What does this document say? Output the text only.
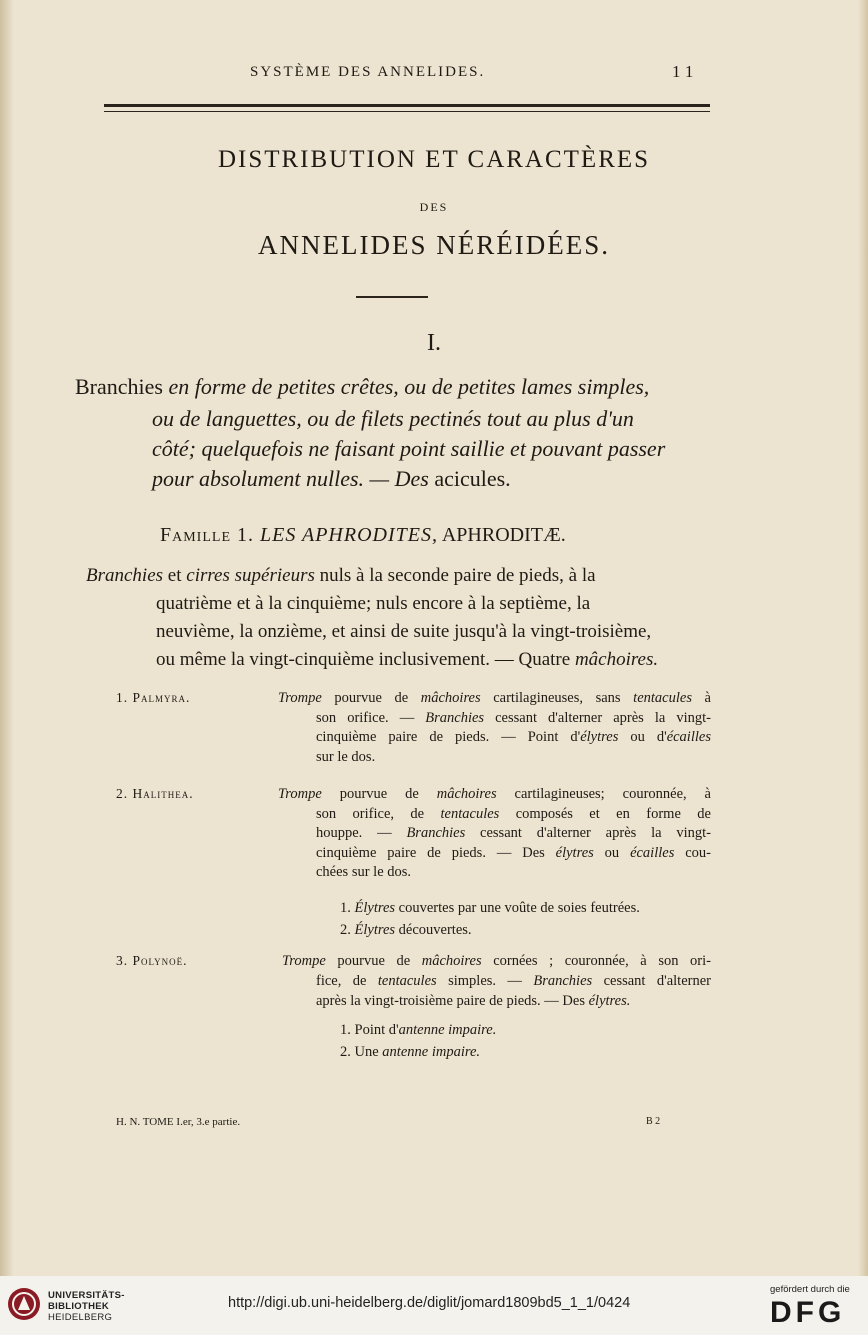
SYSTÈME DES ANNELIDES.	11
DISTRIBUTION ET CARACTÈRES
DES
ANNELIDES NÉRÉIDÉES.
I.
Branchies en forme de petites crêtes, ou de petites lames simples,
ou de languettes, ou de filets pectinés tout au plus d'un
côté; quelquefois ne faisant point saillie et pouvant passer
pour absolument nulles. — Des acicules.
Famille 1. LES APHRODITES, APHRODITÆ.
Branchies et cirres supérieurs nuls à la seconde paire de pieds, à la
quatrième et à la cinquième; nuls encore à la septième, la
neuvième, la onzième, et ainsi de suite jusqu'à la vingt-troisième,
ou même la vingt-cinquième inclusivement. — Quatre mâchoires.
1. Palmyra.	Trompe pourvue de mâchoires cartilagineuses, sans tentacules à
son orifice. — Branchies cessant d'alterner après la vingt-
cinquième paire de pieds. — Point d'élytres ou d'écailles
sur le dos.
2. Halithea.	Trompe pourvue de mâchoires cartilagineuses; couronnée, à
son orifice, de tentacules composés et en forme de
houppe. — Branchies cessant d'alterner après la vingt-
cinquième paire de pieds. — Des élytres ou écailles cou-
chées sur le dos.
1. Élytres couvertes par une voûte de soies feutrées.
2. Élytres découvertes.
3. Polynoë.	Trompe pourvue de mâchoires cornées ; couronnée, à son ori-
fice, de tentacules simples. — Branchies cessant d'alterner
après la vingt-troisième paire de pieds. — Des élytres.
1. Point d'antenne impaire.
2. Une antenne impaire.
H. N. TOME I.er, 3.e partie.	B 2
UNIVERSITÄTS-
BIBLIOTHEK
HEIDELBERG
http://digi.ub.uni-heidelberg.de/diglit/jomard1809bd5_1_1/0424
gefördert durch die
DFG
